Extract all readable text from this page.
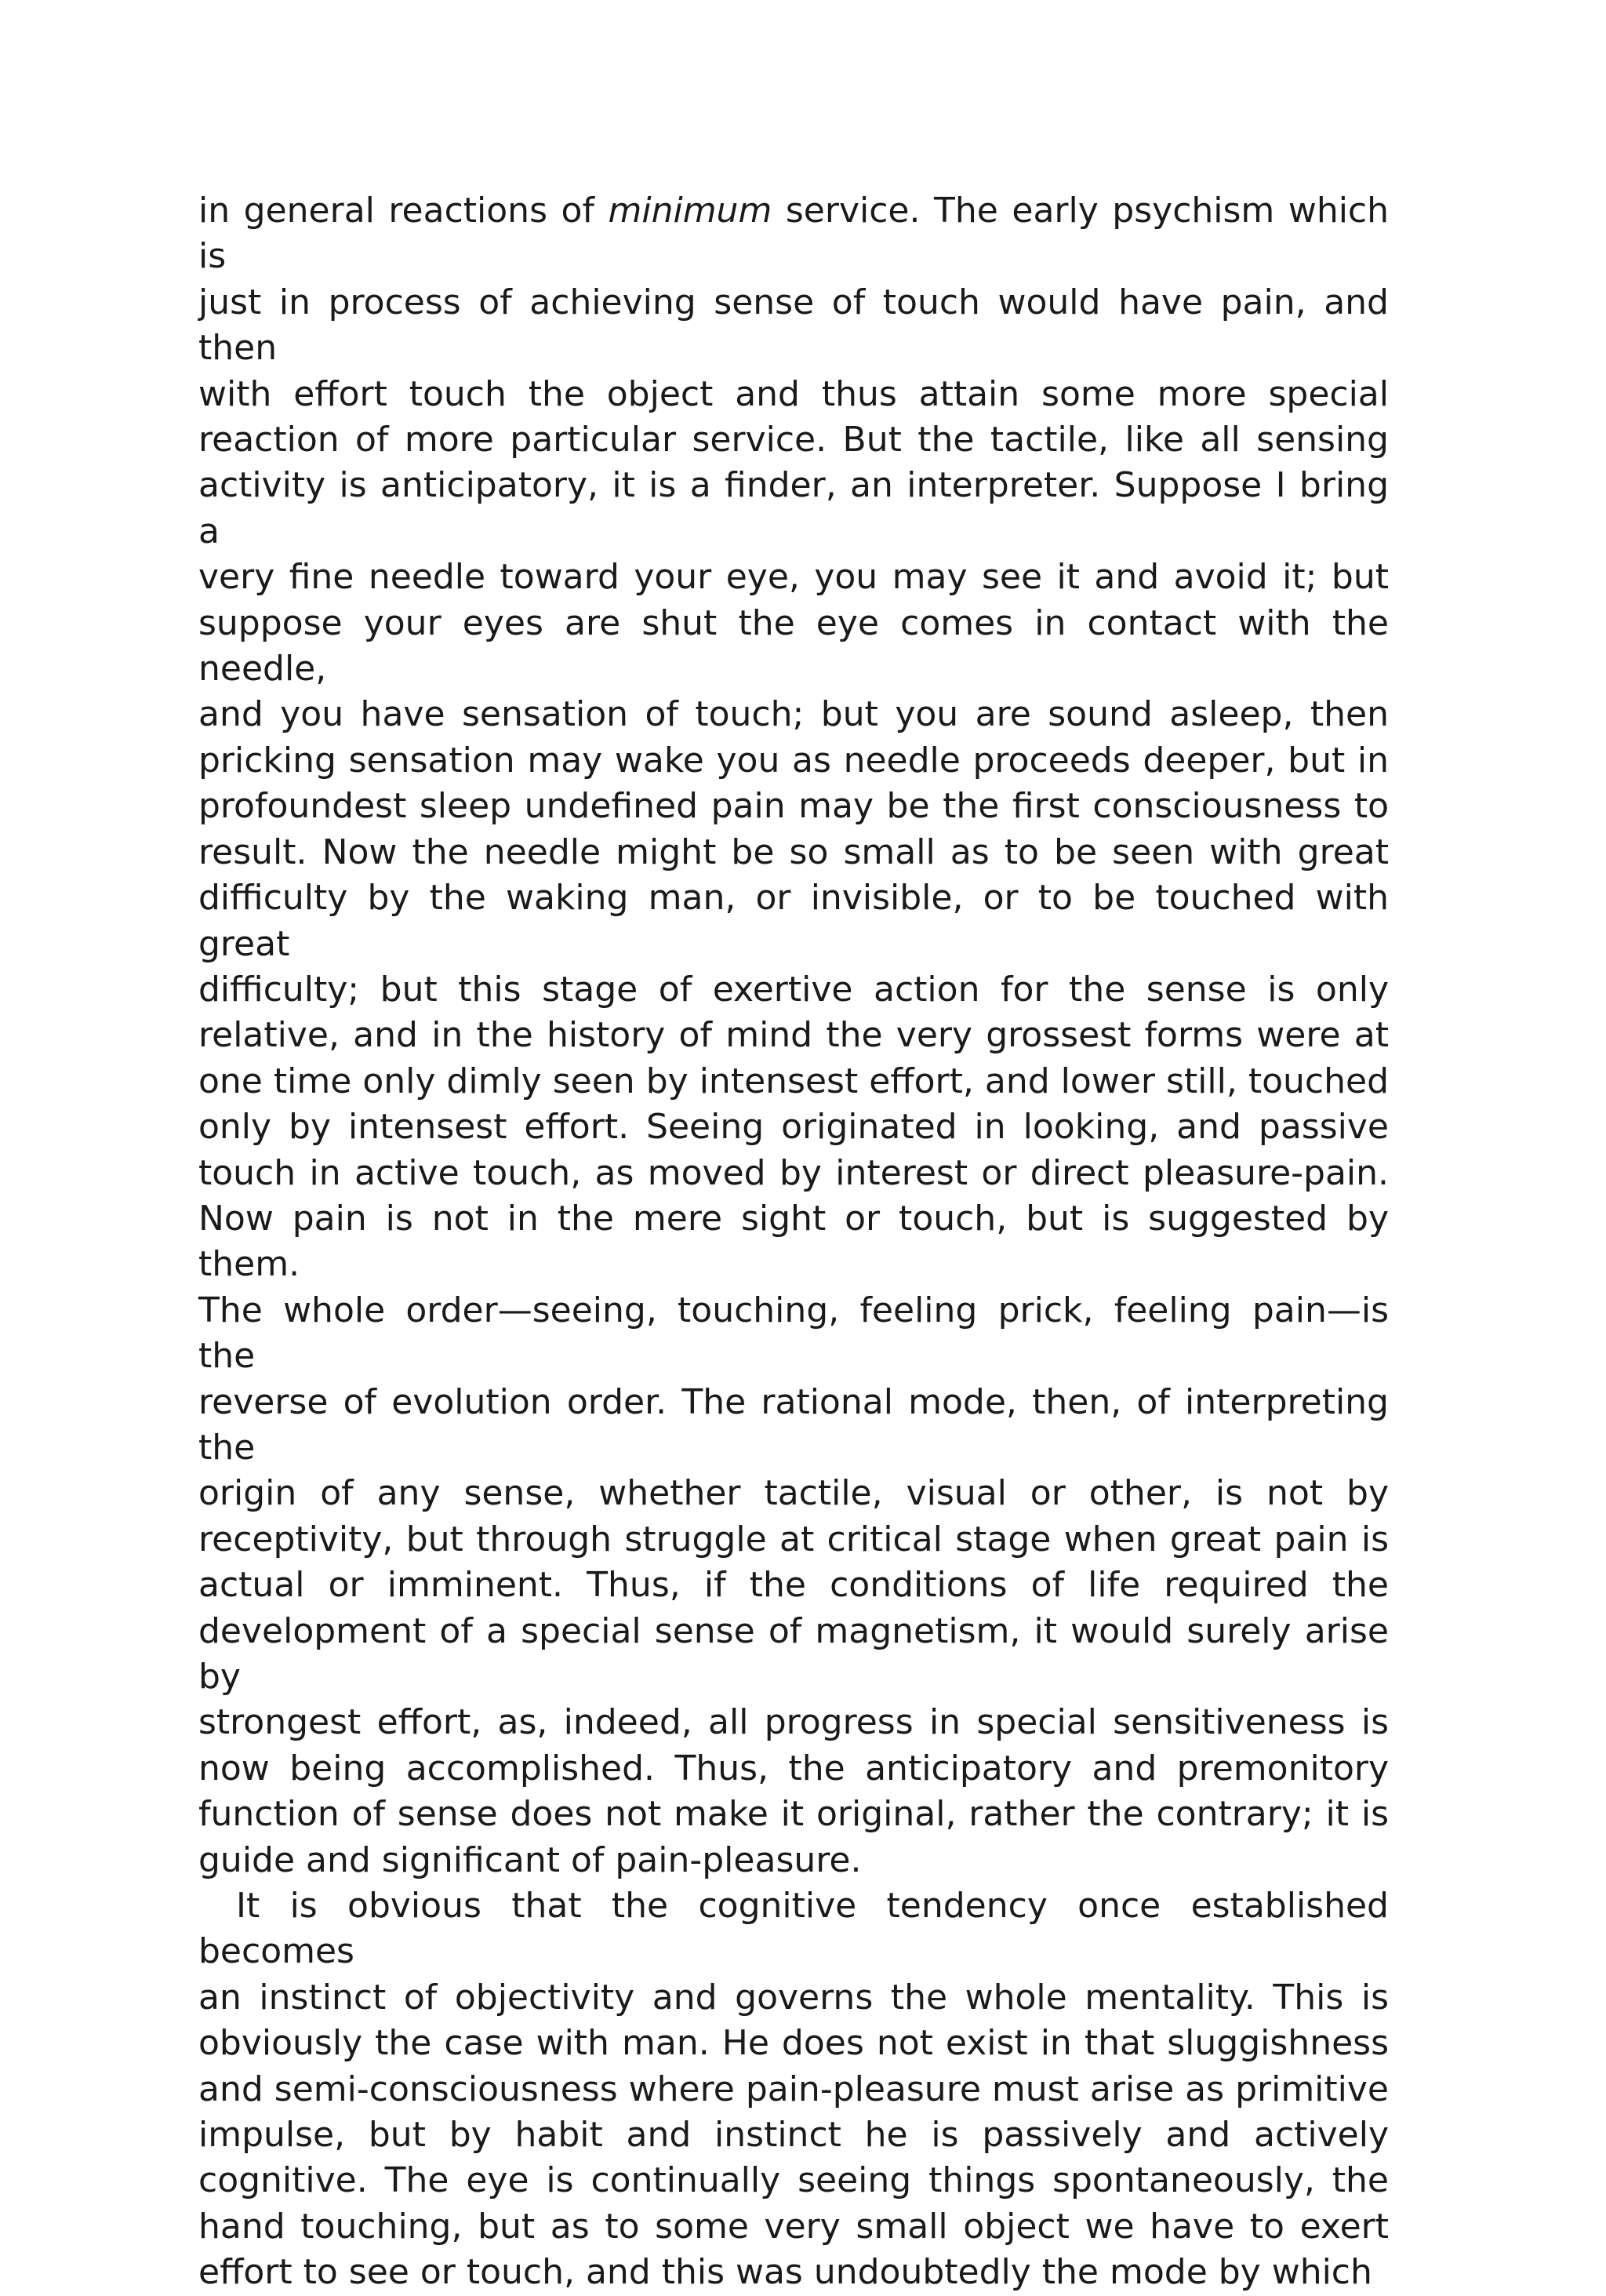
in general reactions of minimum service. The early psychism which is
just in process of achieving sense of touch would have pain, and then
with effort touch the object and thus attain some more special
reaction of more particular service. But the tactile, like all sensing
activity is anticipatory, it is a finder, an interpreter. Suppose I bring a
very fine needle toward your eye, you may see it and avoid it; but
suppose your eyes are shut the eye comes in contact with the needle,
and you have sensation of touch; but you are sound asleep, then
pricking sensation may wake you as needle proceeds deeper, but in
profoundest sleep undefined pain may be the first consciousness to
result. Now the needle might be so small as to be seen with great
difficulty by the waking man, or invisible, or to be touched with great
difficulty; but this stage of exertive action for the sense is only
relative, and in the history of mind the very grossest forms were at
one time only dimly seen by intensest effort, and lower still, touched
only by intensest effort. Seeing originated in looking, and passive
touch in active touch, as moved by interest or direct pleasure-pain.
Now pain is not in the mere sight or touch, but is suggested by them.
The whole order—seeing, touching, feeling prick, feeling pain—is the
reverse of evolution order. The rational mode, then, of interpreting the
origin of any sense, whether tactile, visual or other, is not by
receptivity, but through struggle at critical stage when great pain is
actual or imminent. Thus, if the conditions of life required the
development of a special sense of magnetism, it would surely arise by
strongest effort, as, indeed, all progress in special sensitiveness is
now being accomplished. Thus, the anticipatory and premonitory
function of sense does not make it original, rather the contrary; it is
guide and significant of pain-pleasure.

It is obvious that the cognitive tendency once established becomes
an instinct of objectivity and governs the whole mentality. This is
obviously the case with man. He does not exist in that sluggishness
and semi-consciousness where pain-pleasure must arise as primitive
impulse, but by habit and instinct he is passively and actively
cognitive. The eye is continually seeing things spontaneously, the
hand touching, but as to some very small object we have to exert
effort to see or touch, and this was undoubtedly the mode by which
